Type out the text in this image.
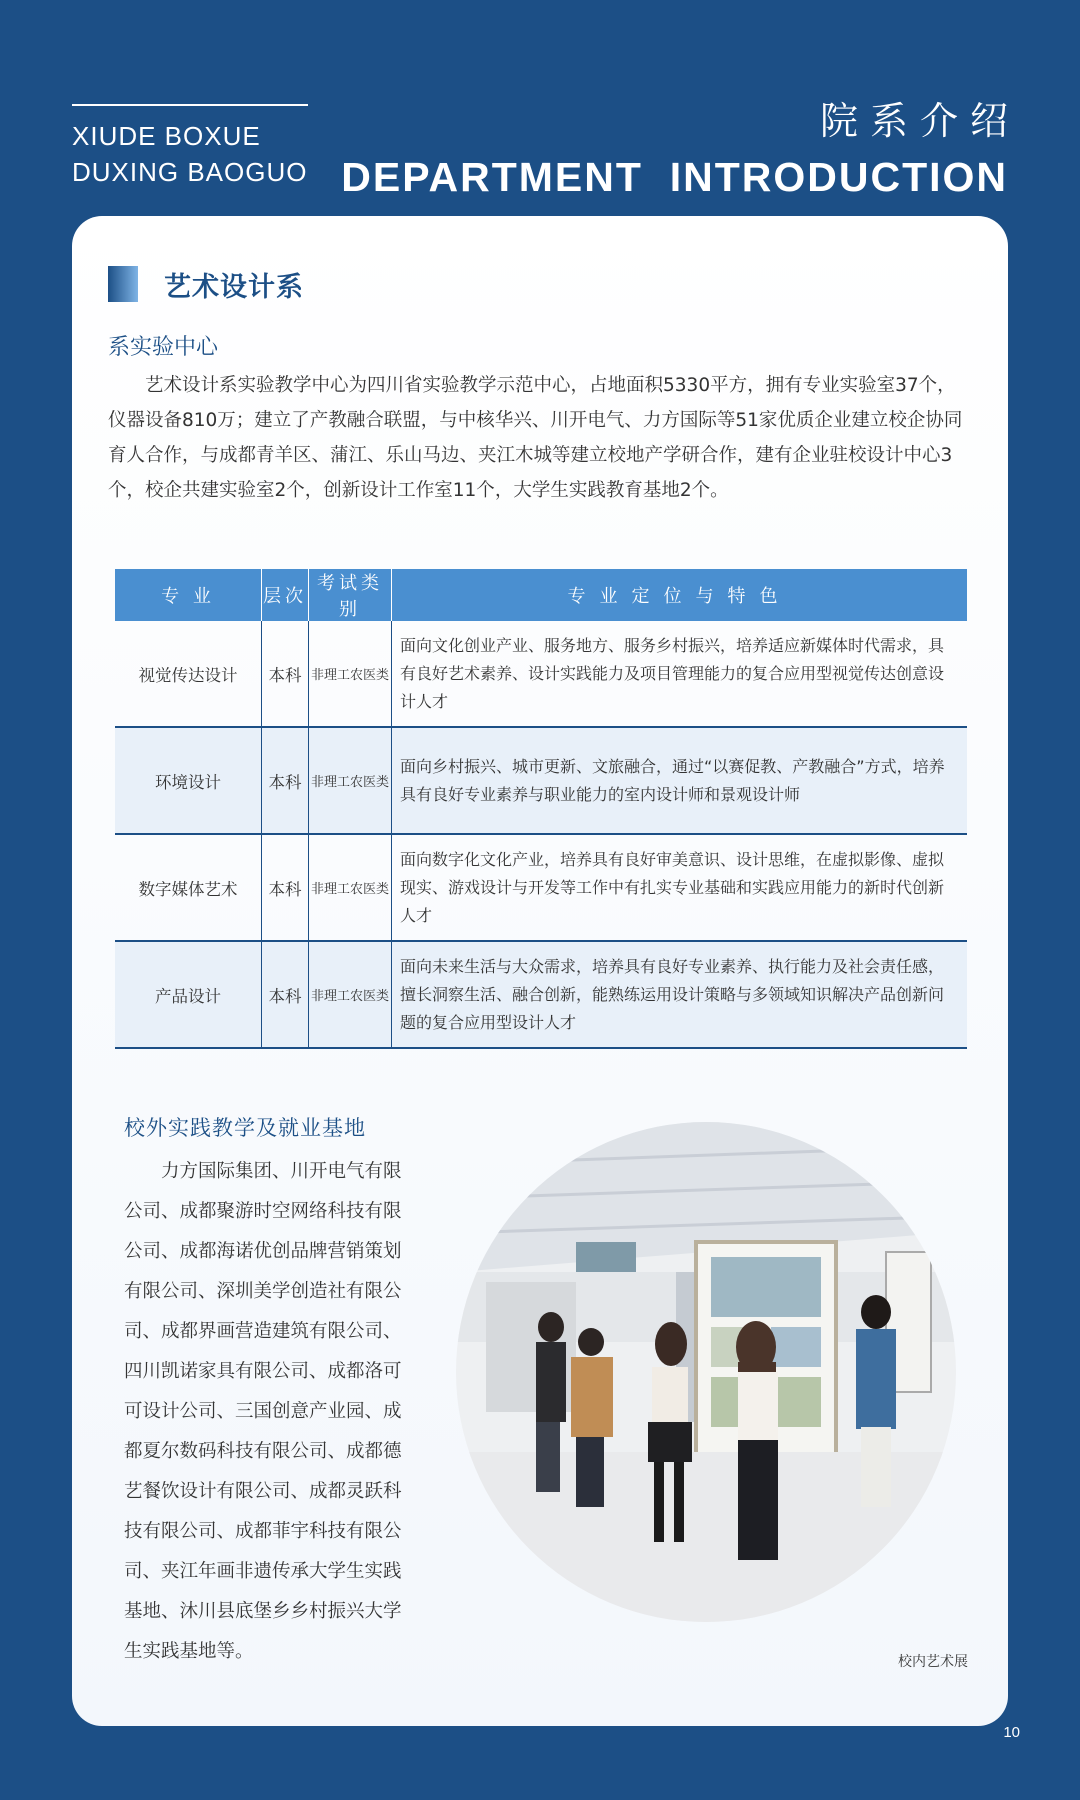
XIUDE BOXUE
DUXING BAOGUO
院系介绍
DEPARTMENT  INTRODUCTION
艺术设计系
系实验中心

艺术设计系实验教学中心为四川省实验教学示范中心，占地面积5330平方，拥有专业实验室37个，仪器设备810万；建立了产教融合联盟，与中核华兴、川开电气、力方国际等51家优质企业建立校企协同育人合作，与成都青羊区、蒲江、乐山马边、夹江木城等建立校地产学研合作，建有企业驻校设计中心3个，校企共建实验室2个，创新设计工作室11个，大学生实践教育基地2个。

专 业	层次	考试类别	专业定位与特色
视觉传达设计	本科	非理工农医类	面向文化创业产业、服务地方、服务乡村振兴，培养适应新媒体时代需求，具有良好艺术素养、设计实践能力及项目管理能力的复合应用型视觉传达创意设计人才
环境设计	本科	非理工农医类	面向乡村振兴、城市更新、文旅融合，通过“以赛促教、产教融合”方式，培养具有良好专业素养与职业能力的室内设计师和景观设计师
数字媒体艺术	本科	非理工农医类	面向数字化文化产业，培养具有良好审美意识、设计思维，在虚拟影像、虚拟现实、游戏设计与开发等工作中有扎实专业基础和实践应用能力的新时代创新人才
产品设计	本科	非理工农医类	面向未来生活与大众需求，培养具有良好专业素养、执行能力及社会责任感，擅长洞察生活、融合创新，能熟练运用设计策略与多领域知识解决产品创新问题的复合应用型设计人才
校外实践教学及就业基地

力方国际集团、川开电气有限公司、成都聚游时空网络科技有限公司、成都海诺优创品牌营销策划有限公司、深圳美学创造社有限公司、成都界画营造建筑有限公司、四川凯诺家具有限公司、成都洛可可设计公司、三国创意产业园、成都夏尔数码科技有限公司、成都德艺餐饮设计有限公司、成都灵跃科技有限公司、成都菲宇科技有限公司、夹江年画非遗传承大学生实践基地、沐川县底堡乡乡村振兴大学生实践基地等。	校内艺术展
10
